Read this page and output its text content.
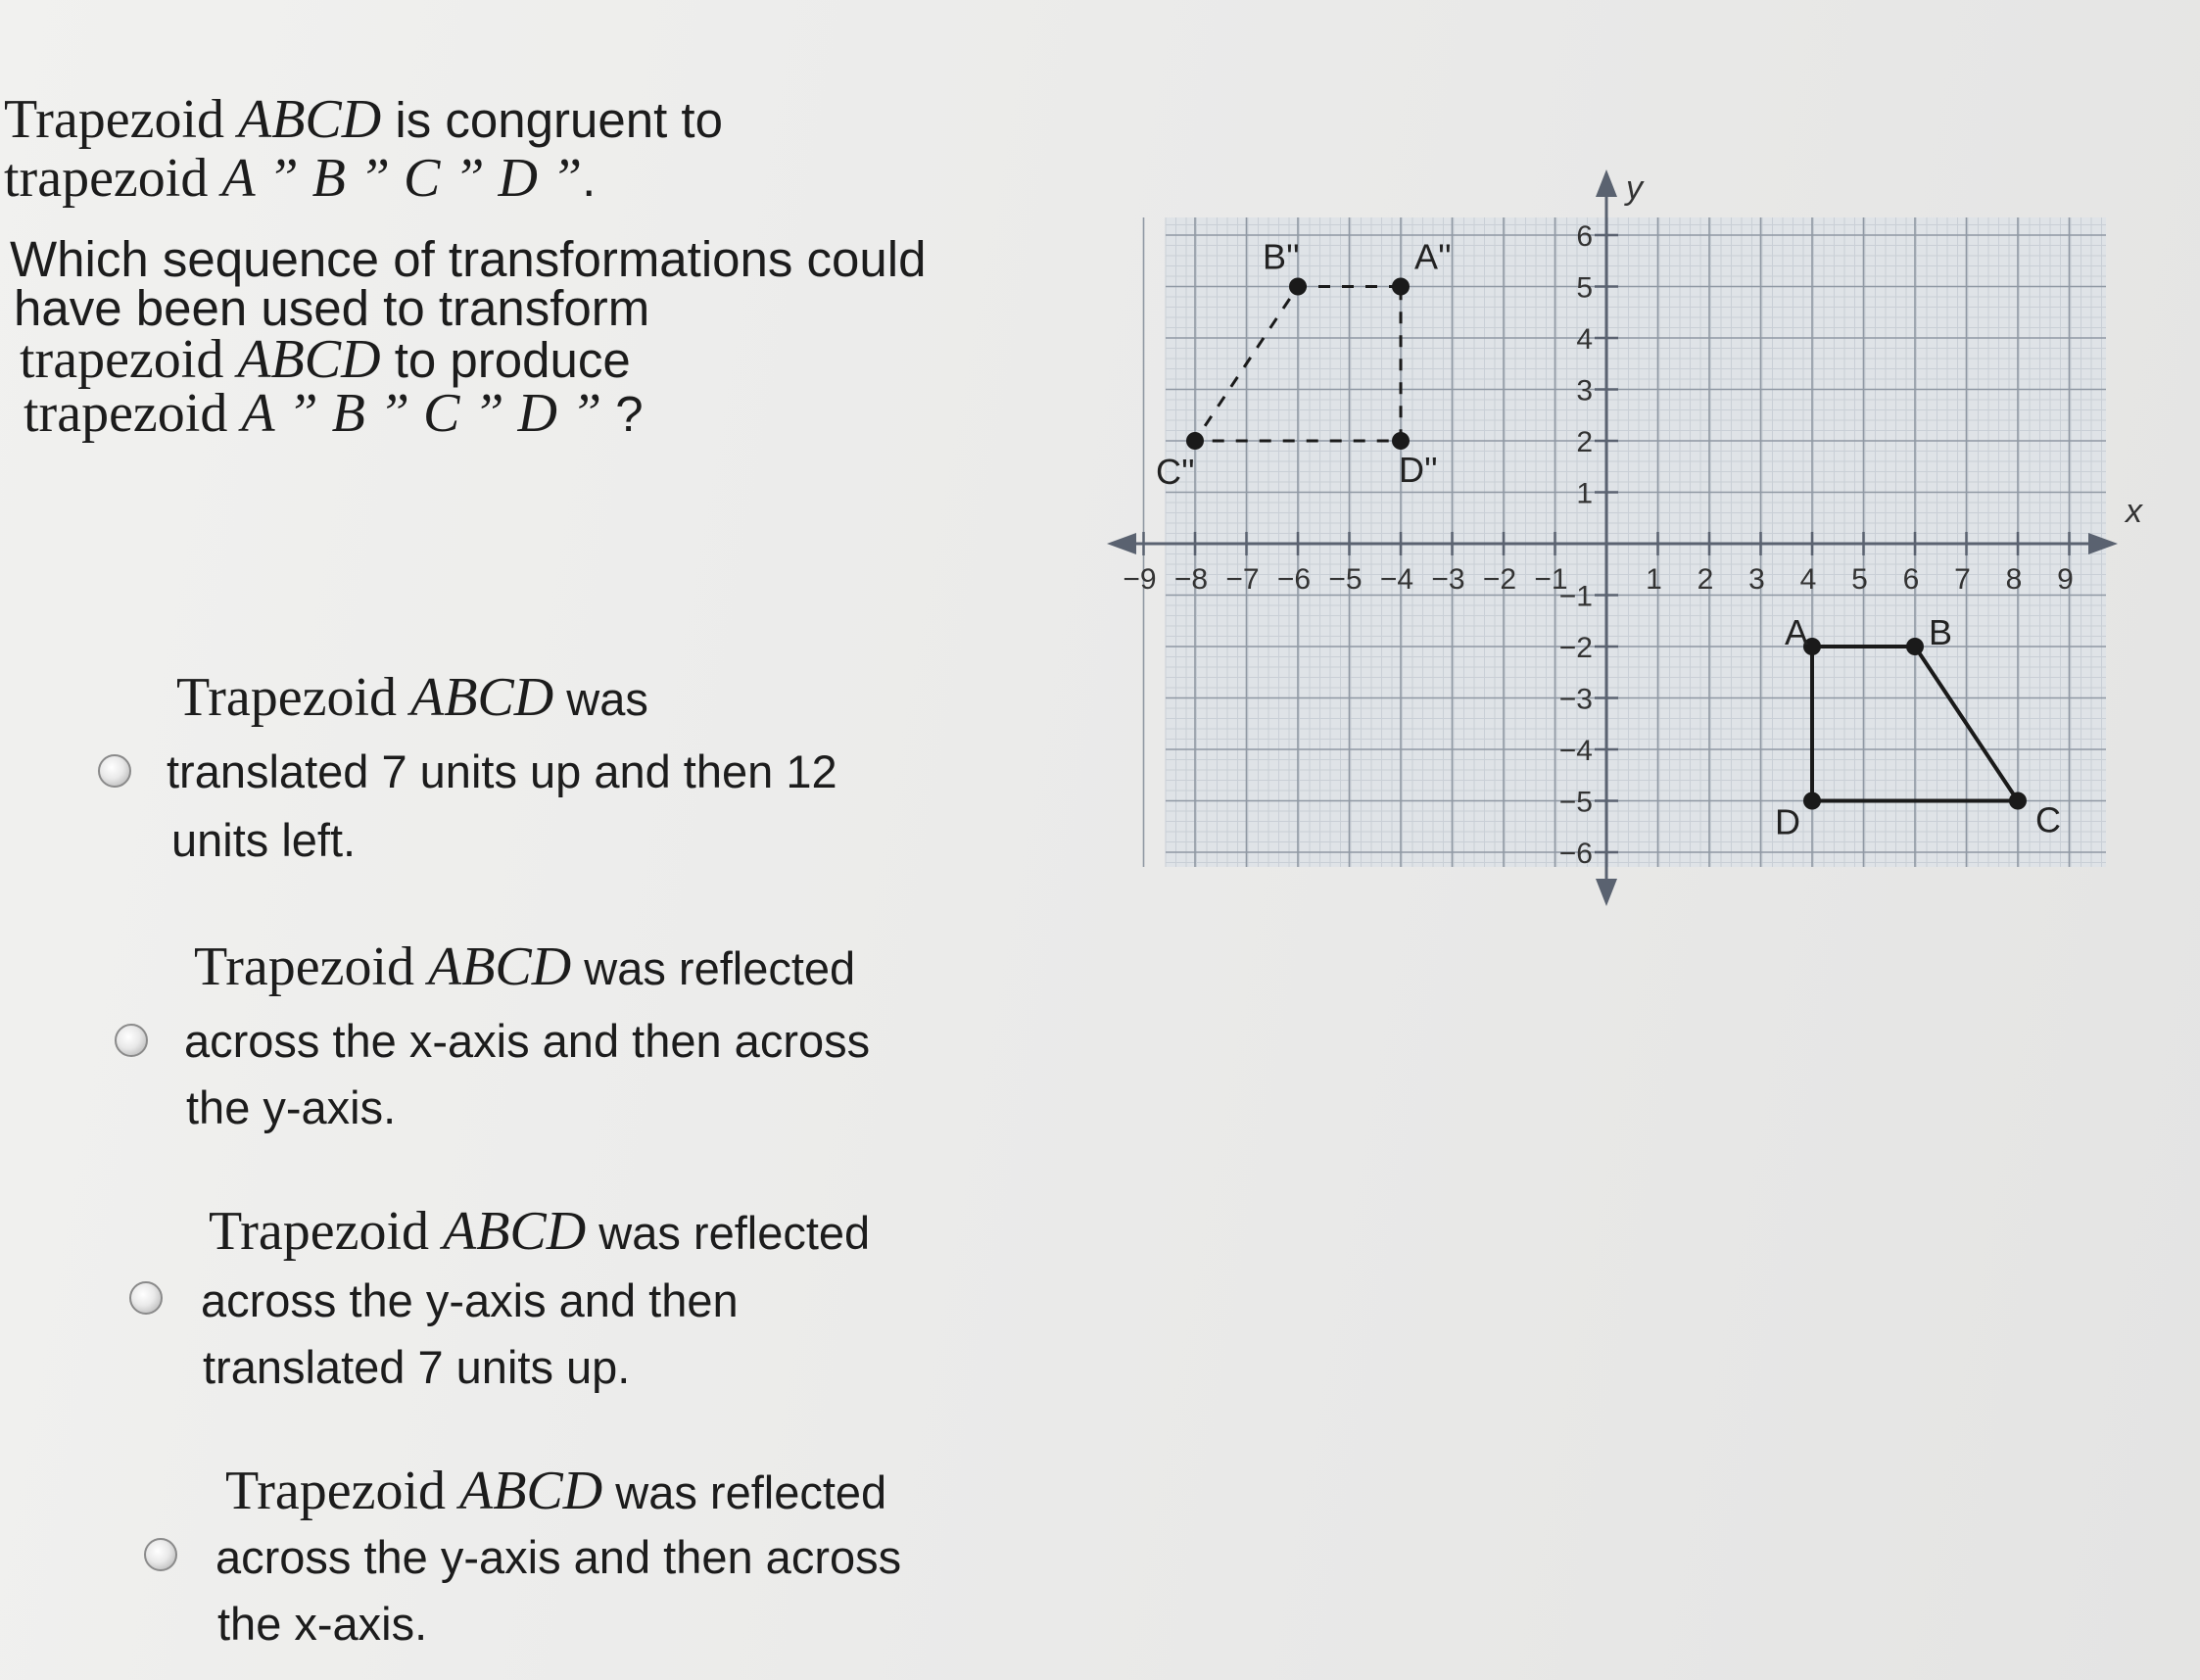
Trapezoid ABCD is congruent to
trapezoid A ” B ” C ” D ”.
Which sequence of transformations could
have been used to transform
trapezoid ABCD to produce
trapezoid A ” B ” C ” D ” ?
Trapezoid ABCD was
translated 7 units up and then 12
units left.
Trapezoid ABCD was reflected
across the x-axis and then across
the y-axis.
Trapezoid ABCD was reflected
across the y-axis and then
translated 7 units up.
Trapezoid ABCD was reflected
across the y-axis and then across
the x-axis.
x
y
−9 −8 −7 −6 −5 −4 −3 −2 −1	1 2 3 4 5 6 7 8 9
−6
−5
−4
−3
−2
−1
1
2
3
4
5
6
A	B
C
D
A''
B''
C''	D''
